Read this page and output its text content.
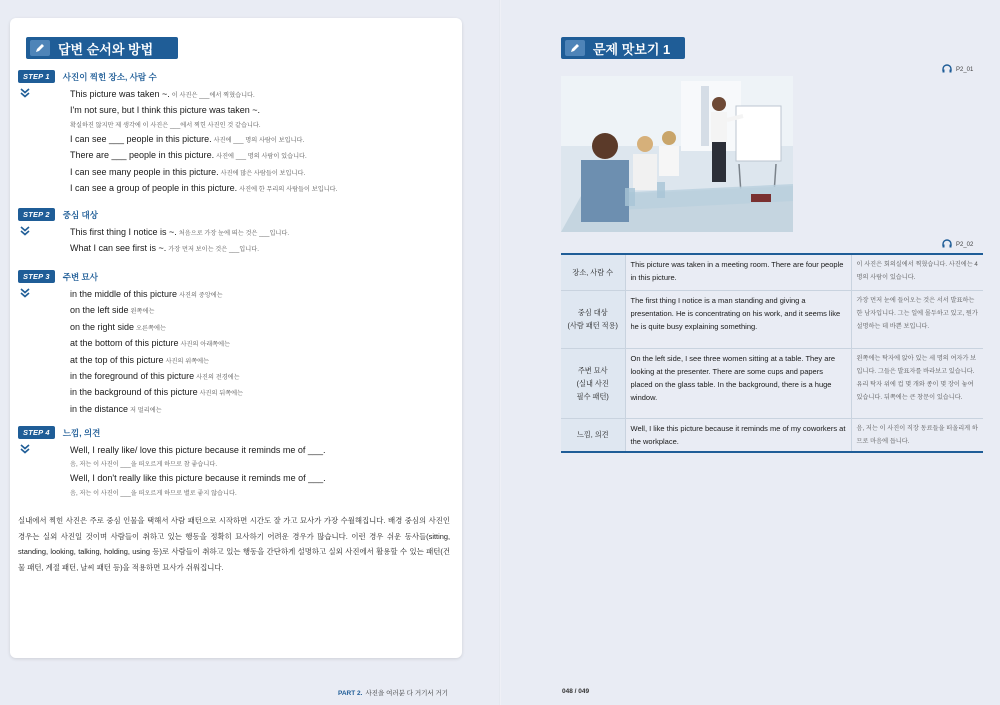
답변 순서와 방법
STEP 1	사진이 찍힌 장소, 사람 수
This picture was taken ~. 이 사진은 ___에서 찍혔습니다.
I'm not sure, but I think this picture was taken ~.
확실하진 않지만 제 생각에 이 사진은 ___에서 찍힌 사진인 것 같습니다.
I can see ___ people in this picture. 사진에 ___ 명의 사람이 보입니다.
There are ___ people in this picture. 사진에 ___ 명의 사람이 있습니다.
I can see many people in this picture. 사진에 많은 사람들이 보입니다.
I can see a group of people in this picture. 사진에 한 무리의 사람들이 보입니다.
STEP 2	중심 대상
This first thing I notice is ~. 처음으로 가장 눈에 띄는 것은 ___입니다.
What I can see first is ~. 가장 먼저 보이는 것은 ___입니다.
STEP 3	주변 묘사
in the middle of this picture 사진의 중앙에는
on the left side 왼쪽에는
on the right side 오른쪽에는
at the bottom of this picture 사진의 아래쪽에는
at the top of this picture 사진의 위쪽에는
in the foreground of this picture 사진의 전경에는
in the background of this picture 사진의 뒤쪽에는
in the distance 저 멀리에는
STEP 4	느낌, 의견
Well, I really like/ love this picture because it reminds me of ___.
음, 저는 이 사진이 ___을 떠오르게 하므로 참 좋습니다.
Well, I don't really like this picture because it reminds me of ___.
음, 저는 이 사진이 ___을 떠오르게 하므로 별로 좋지 않습니다.
실내에서 찍힌 사진은 주로 중심 인물을 택해서 사람 패턴으로 시작하면 시간도 잘 가고 묘사가 가장 수월해집니다. 배경 중심의 사진인 경우는 실외 사진일 것이며 사람들이 취하고 있는 행동을 정확히 묘사하기 어려운 경우가 많습니다. 이런 경우 쉬운 동사들(sitting, standing, looking, talking, holding, using 등)로 사람들이 취하고 있는 행동을 간단하게 설명하고 실외 사진에서 활용할 수 있는 패턴(건물 패턴, 계절 패턴, 날씨 패턴 등)을 적용하면 묘사가 쉬워집니다.
PART 2. 사진을 여러분 다 거기서 거기
문제 맛보기 1
P2_01
P2_02
장소, 사람 수	This picture was taken in a meeting room. There are four people in this picture.	이 사진은 회의실에서 찍혔습니다. 사진에는 4명의 사람이 있습니다.
중심 대상
(사람 패턴 적용)	The first thing I notice is a man standing and giving a presentation. He is concentrating on his work, and it seems like he is quite busy explaining something.	가장 먼저 눈에 들어오는 것은 서서 발표하는 한 남자입니다. 그는 일에 몰두하고 있고, 뭔가 설명하는 데 바쁜 보입니다.
주변 묘사
(실내 사진
필수 패턴)	On the left side, I see three women sitting at a table. They are looking at the presenter. There are some cups and papers placed on the glass table. In the background, there is a huge window.	왼쪽에는 탁자에 앉아 있는 세 명의 여자가 보입니다. 그들은 발표자를 바라보고 있습니다. 유리 탁자 위에 컵 몇 개와 종이 몇 장이 놓여 있습니다. 뒤쪽에는 큰 창문이 있습니다.
느낌, 의견	Well, I like this picture because it reminds me of my coworkers at the workplace.	음, 저는 이 사진이 직장 동료들을 떠올리게 하므로 마음에 듭니다.
048 / 049
